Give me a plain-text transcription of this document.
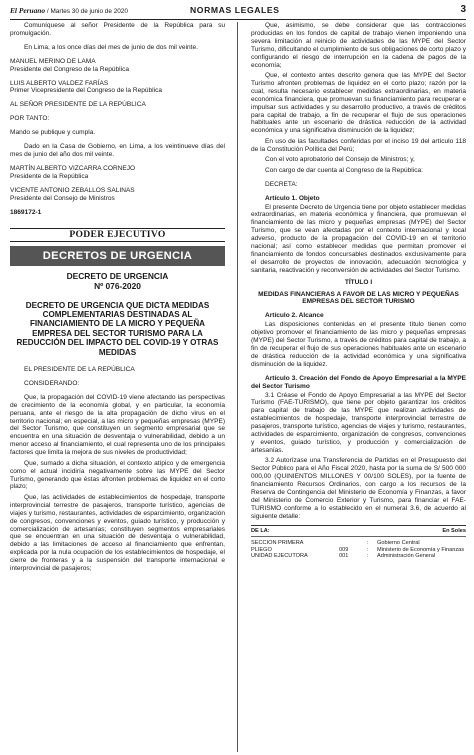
El Peruano / Martes 30 de junio de 2020	NORMAS LEGALES	3

Comuníquese al señor Presidente de la República para su promulgación.

En Lima, a los once días del mes de junio de dos mil veinte.

MANUEL MERINO DE LAMA

Presidente del Congreso de la República

LUIS ALBERTO VALDEZ FARÍAS

Primer Vicepresidente del Congreso de la República

AL SEÑOR PRESIDENTE DE LA REPÚBLICA

POR TANTO:

Mando se publique y cumpla.

Dado en la Casa de Gobierno, en Lima, a los veintinueve días del mes de junio del año dos mil veinte.

MARTÍN ALBERTO VIZCARRA CORNEJO

Presidente de la República

VICENTE ANTONIO ZEBALLOS SALINAS

Presidente del Consejo de Ministros

1869172-1

PODER EJECUTIVO
DECRETOS DE URGENCIA
DECRETO DE URGENCIA
Nº 076-2020
DECRETO DE URGENCIA QUE DICTA MEDIDAS COMPLEMENTARIAS DESTINADAS AL FINANCIAMIENTO DE LA MICRO Y PEQUEÑA EMPRESA DEL SECTOR TURISMO PARA LA REDUCCIÓN DEL IMPACTO DEL COVID-19 Y OTRAS MEDIDAS

EL PRESIDENTE DE LA REPÚBLICA

CONSIDERANDO:

Que, la propagación del COVID-19 viene afectando las perspectivas de crecimiento de la economía global, y en particular, la economía peruana, ante el riesgo de la alta propagación de dicho virus en el territorio nacional; en especial, a las micro y pequeñas empresas (MYPE) del Sector Turismo, que constituyen un segmento empresarial que se encuentra en una situación de desventaja o vulnerabilidad, debido a un menor acceso al financiamiento, el cual representa uno de los principales factores que limita la mejora de sus niveles de productividad;

Que, sumado a dicha situación, el contexto atípico y de emergencia como el actual incidiría negativamente sobre las MYPE del Sector Turismo, generando que éstas afronten problemas de liquidez en el corto plazo;

Que, las actividades de establecimientos de hospedaje, transporte interprovincial terrestre de pasajeros, transporte turístico, agencias de viajes y turismo, restaurantes, actividades de esparcimiento, organización de congresos, convenciones y eventos, guiado turístico, y producción y comercialización de artesanías; constituyen segmentos empresariales que se encuentran en una situación de desventaja o vulnerabilidad, debido a las limitaciones de acceso al financiamiento que enfrentan, explicada por la nula ocupación de los establecimientos de hospedaje, el cierre de fronteras y a la suspensión del transporte internacional e interprovincial de pasajeros;

Que, asimismo, se debe considerar que las contracciones producidas en los fondos de capital de trabajo vienen imponiendo una severa limitación al reinicio de actividades de las MYPE del Sector Turismo, dificultando el cumplimiento de sus obligaciones de corto plazo y configurando el riesgo de interrupción en la cadena de pagos de la economía;

Que, el contexto antes descrito genera que las MYPE del Sector Turismo afronten problemas de liquidez en el corto plazo; razón por la cual, resulta necesario establecer medidas extraordinarias, en materia económica financiera, que promuevan su financiamiento para recuperar e impulsar sus actividades y su desarrollo productivo, a través de créditos para capital de trabajo, a fin de recuperar el flujo de sus operaciones habituales ante un escenario de drástica reducción de la actividad económica y una significativa disminución de la liquidez;

En uso de las facultades conferidas por el inciso 19 del artículo 118 de la Constitución Política del Perú;

Con el voto aprobatorio del Consejo de Ministros; y,

Con cargo de dar cuenta al Congreso de la República:

DECRETA:

Artículo 1. Objeto

El presente Decreto de Urgencia tiene por objeto establecer medidas extraordinarias, en materia económica y financiera, que promuevan el financiamiento de las micro y pequeñas empresas (MYPE) del Sector Turismo, que se vean afectadas por el contexto internacional y local adverso, producto de la propagación del COVID-19 en el territorio nacional; así como establecer medidas que permitan promover el financiamiento de fondos concursables destinados exclusivamente para el desarrollo de proyectos de innovación, adecuación tecnológica y sanitaria, reactivación y reconversión de actividades del Sector Turismo.

TÍTULO I

MEDIDAS FINANCIERAS A FAVOR DE LAS MICRO Y PEQUEÑAS EMPRESAS DEL SECTOR TURISMO

Artículo 2. Alcance

Las disposiciones contenidas en el presente título tienen como objetivo promover el financiamiento de las micro y pequeñas empresas (MYPE) del Sector Turismo, a través de créditos para capital de trabajo, a fin de recuperar el flujo de sus operaciones habituales ante un escenario de drástica reducción de la actividad económica y una significativa disminución de la liquidez.

Artículo 3. Creación del Fondo de Apoyo Empresarial a la MYPE del Sector Turismo

3.1 Créase el Fondo de Apoyo Empresarial a las MYPE del Sector Turismo (FAE-TURISMO), que tiene por objeto garantizar los créditos para capital de trabajo de las MYPE que realizan actividades de establecimientos de hospedaje, transporte interprovincial terrestre de pasajeros, transporte turístico, agencias de viajes y turismo, restaurantes, actividades de esparcimiento, organización de congresos, convenciones y eventos, guiado turístico, y producción y comercialización de artesanías.

3.2 Autorízase una Transferencia de Partidas en el Presupuesto del Sector Público para el Año Fiscal 2020, hasta por la suma de S/ 500 000 000,00 (QUINIENTOS MILLONES Y 00/100 SOLES), por la fuente de financiamiento Recursos Ordinarios, con cargo a los recursos de la Reserva de Contingencia del Ministerio de Economía y Finanzas, a favor del Ministerio de Comercio Exterior y Turismo, para financiar el FAE-TURISMO conforme a lo establecido en el numeral 3.6, de acuerdo al siguiente detalle:

DE LA:	En Soles
SECCION PRIMERA	:	Gobierno Central
PLIEGO	009	:	Ministerio de Economía y Finanzas
UNIDAD EJECUTORA	001	:	Administración General
